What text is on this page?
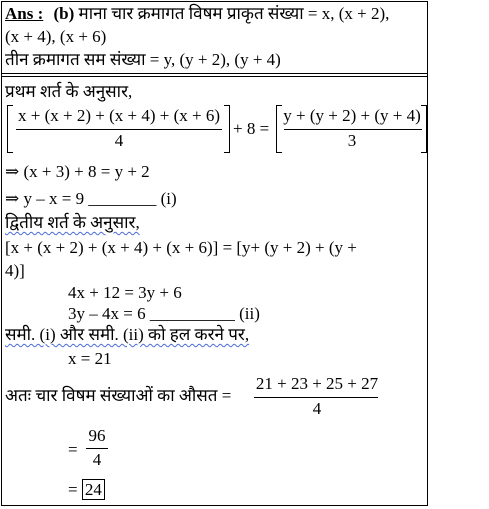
Ans : (b) माना चार क्रमागत विषम प्राकृत संख्या = x, (x + 2),
(x + 4), (x + 6)
तीन क्रमागत सम संख्या = y, (y + 2), (y + 4)
प्रथम शर्त के अनुसार,
x + (x + 2) + (x + 4) + (x + 6)
4
+ 8 =
y + (y + 2) + (y + 4)
3
⇒ (x + 3) + 8 = y + 2
⇒ y – x = 9 ________ (i)
द्वितीय शर्त के अनुसार,
[x + (x + 2) + (x + 4) + (x + 6)] = [y+ (y + 2) + (y +
4)]
4x + 12 = 3y + 6
3y – 4x = 6 __________ (ii)
समी. (i) और समी. (ii) को हल करने पर,
x = 21
अतः चार विषम संख्याओं का औसत =
21 + 23 + 25 + 27
4
=
96
4
= 24
